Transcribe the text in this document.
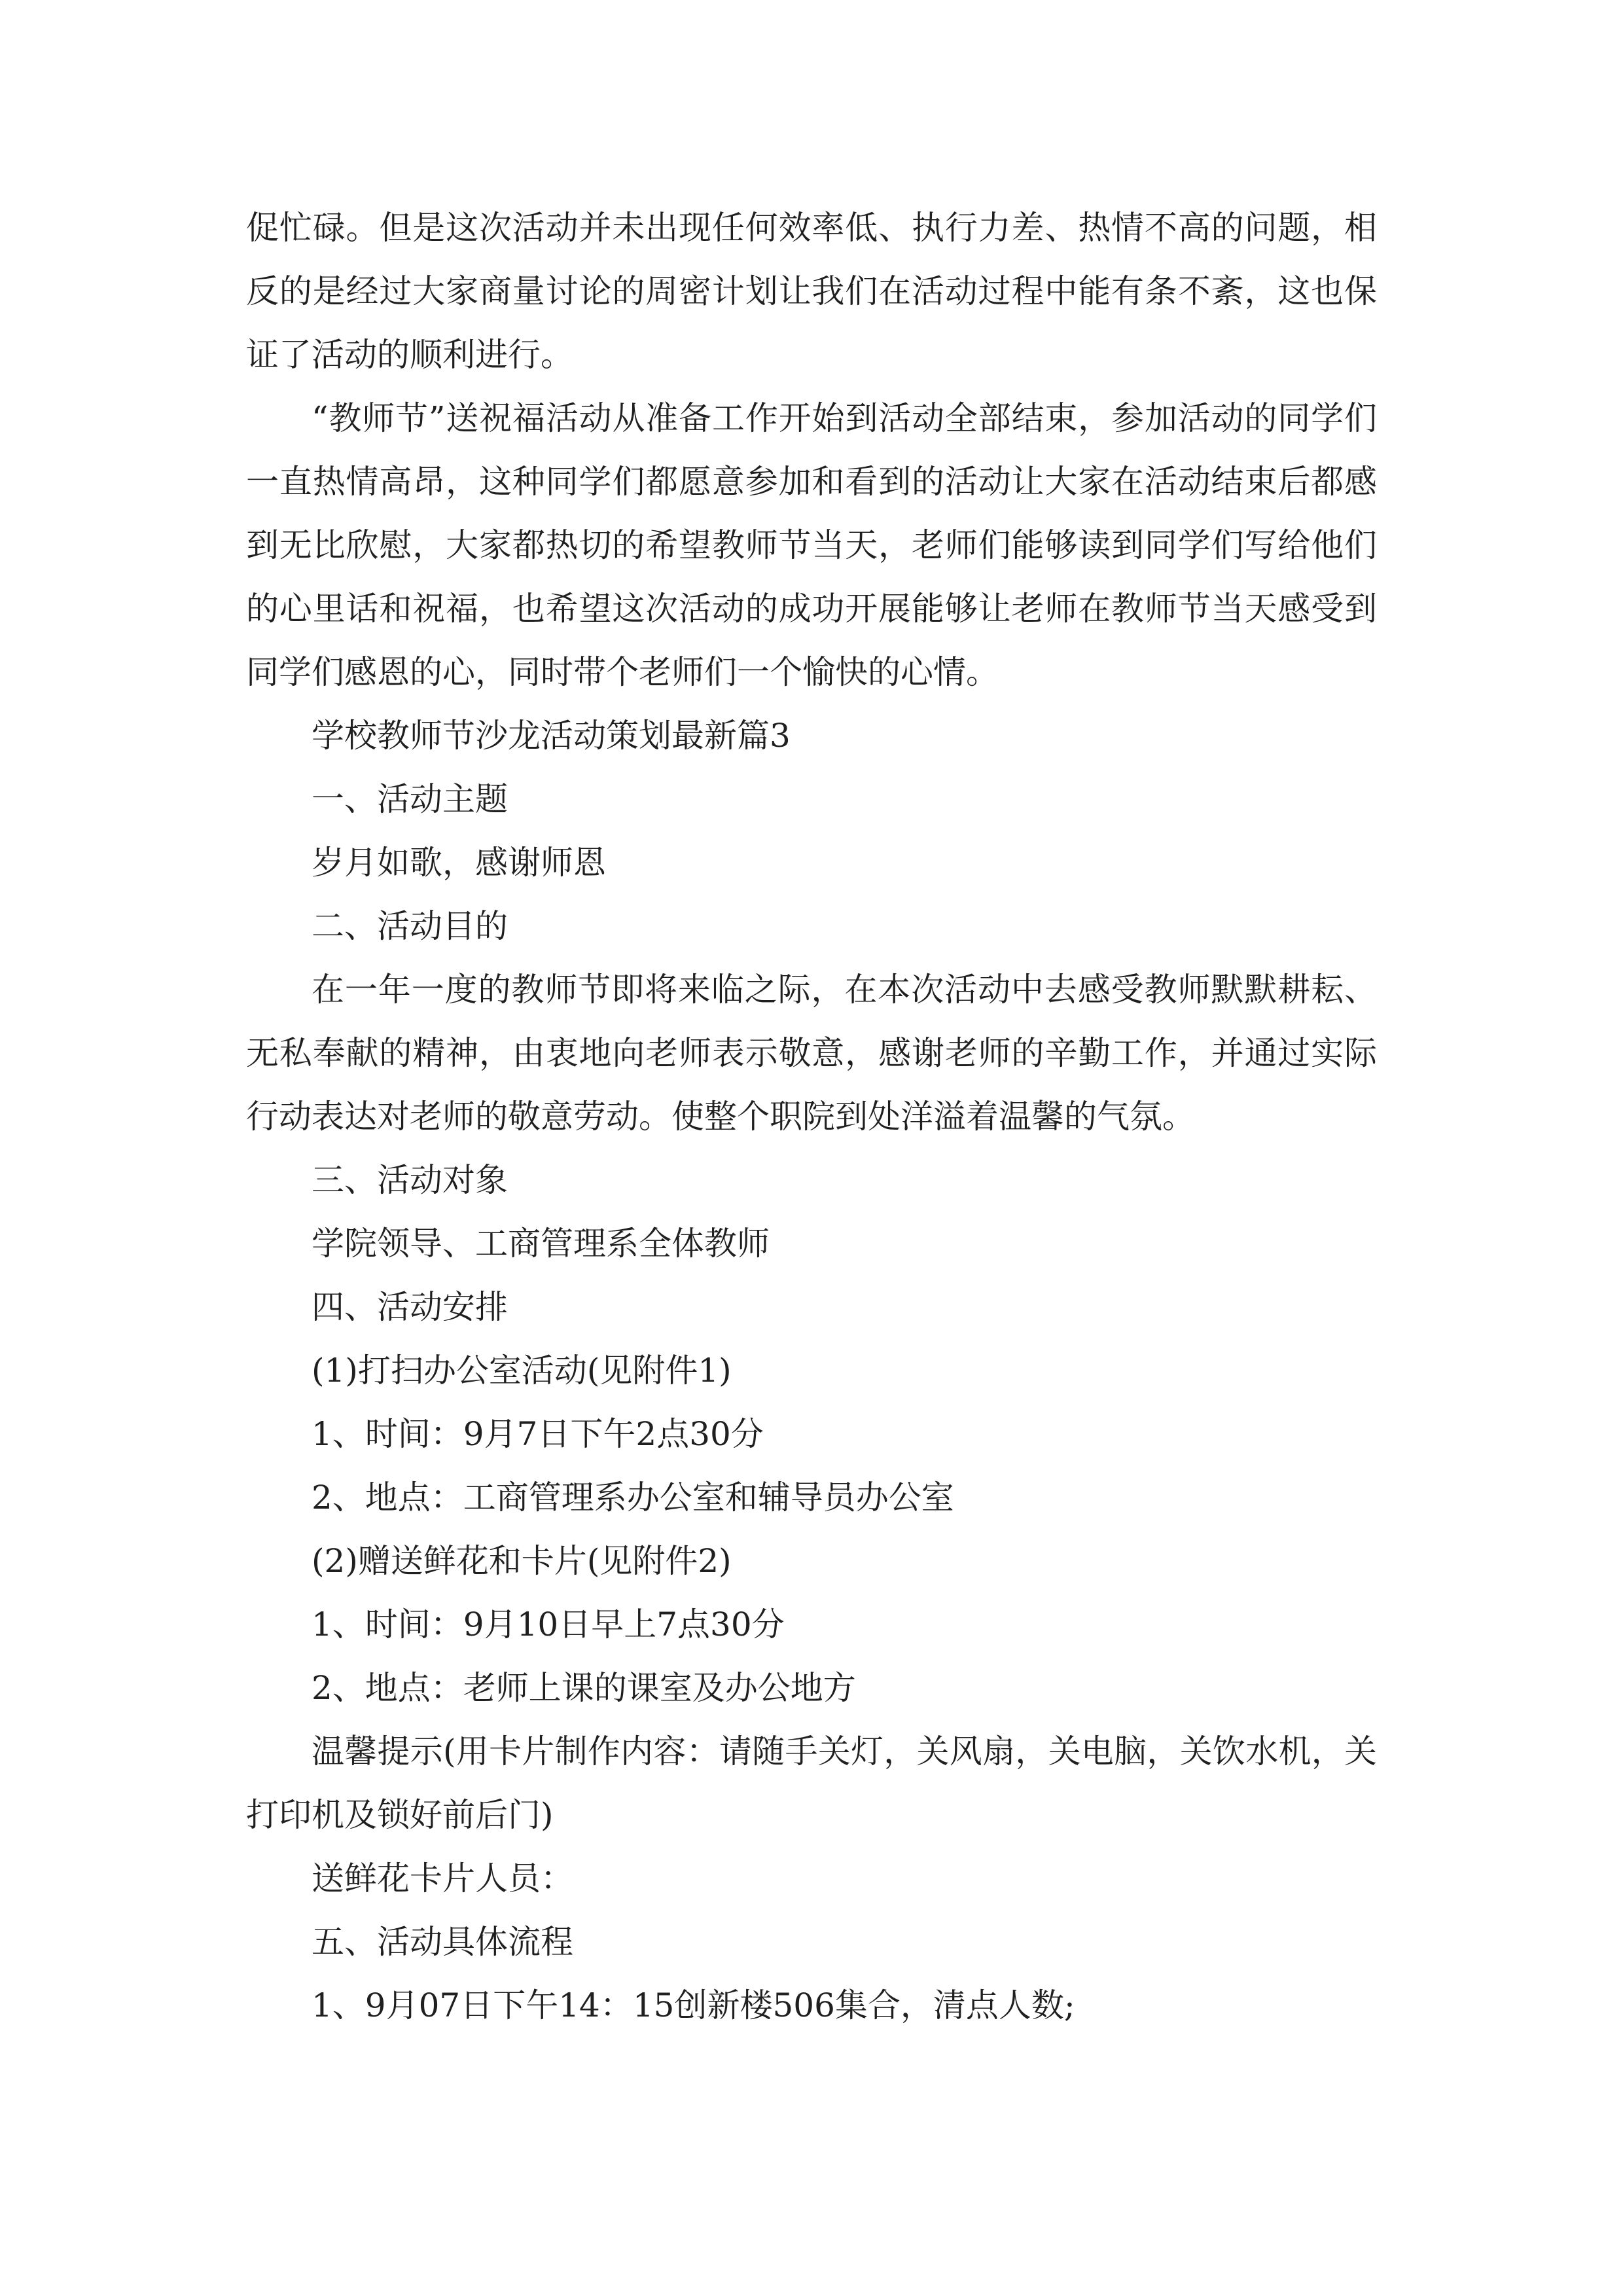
促忙碌。但是这次活动并未出现任何效率低、执行力差、热情不高的问题，相反的是经过大家商量讨论的周密计划让我们在活动过程中能有条不紊，这也保证了活动的顺利进行。

“教师节”送祝福活动从准备工作开始到活动全部结束，参加活动的同学们一直热情高昂，这种同学们都愿意参加和看到的活动让大家在活动结束后都感到无比欣慰，大家都热切的希望教师节当天，老师们能够读到同学们写给他们的心里话和祝福，也希望这次活动的成功开展能够让老师在教师节当天感受到同学们感恩的心，同时带个老师们一个愉快的心情。

学校教师节沙龙活动策划最新篇3

一、活动主题

岁月如歌，感谢师恩

二、活动目的

在一年一度的教师节即将来临之际，在本次活动中去感受教师默默耕耘、无私奉献的精神，由衷地向老师表示敬意，感谢老师的辛勤工作，并通过实际行动表达对老师的敬意劳动。使整个职院到处洋溢着温馨的气氛。

三、活动对象

学院领导、工商管理系全体教师

四、活动安排

(1)打扫办公室活动(见附件1)

1、时间：9月7日下午2点30分

2、地点：工商管理系办公室和辅导员办公室

(2)赠送鲜花和卡片(见附件2)

1、时间：9月10日早上7点30分

2、地点：老师上课的课室及办公地方

温馨提示(用卡片制作内容：请随手关灯，关风扇，关电脑，关饮水机，关打印机及锁好前后门)

送鲜花卡片人员：

五、活动具体流程

1、9月07日下午14：15创新楼506集合，清点人数;
